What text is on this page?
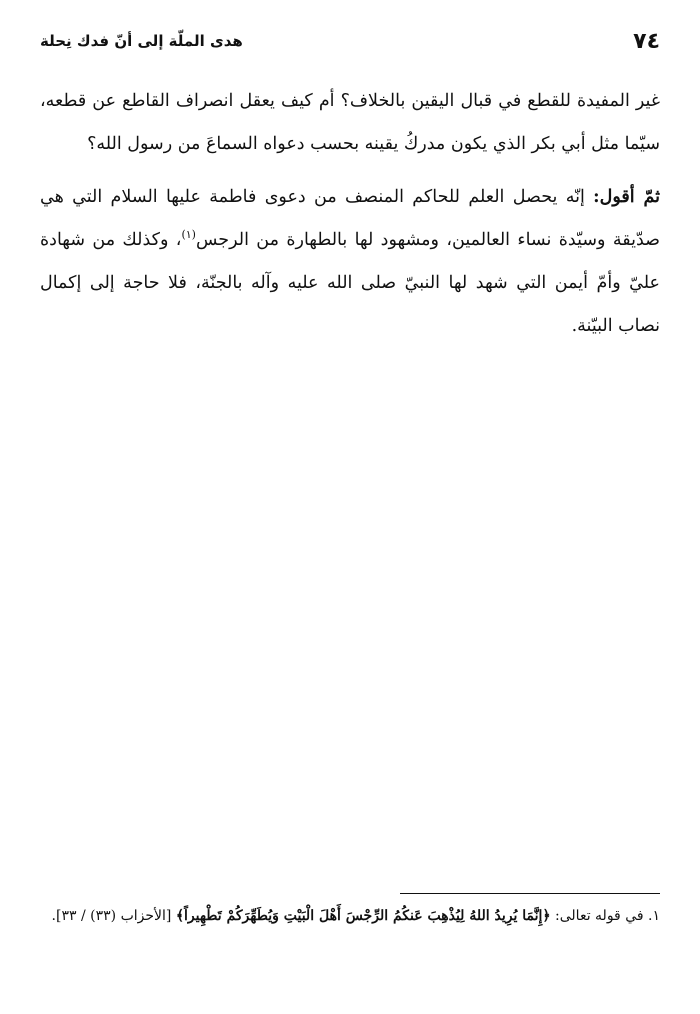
٧٤
هدى الملّة إلى أنّ فدك نِحلة

غير المفيدة للقطع في قبال اليقين بالخلاف؟ أم كيف يعقل انصراف القاطع عن قطعه، سيّما مثل أبي بكر الذي يكون مدركُ يقينه بحسب دعواه السماعَ من رسول الله؟

ثمّ أقول: إنّه يحصل العلم للحاكم المنصف من دعوى فاطمة عليها السلام التي هي صدّيقة وسيّدة نساء العالمين، ومشهود لها بالطهارة من الرجس$^{(١)}$، وكذلك من شهادة عليّ وأمّ أيمن التي شهد لها النبيّ صلى الله عليه وآله بالجنّة، فلا حاجة إلى إكمال نصاب البيّنة.

١. في قوله تعالى: ﴿إِنَّمَا يُرِيدُ اللهُ لِيُذْهِبَ عَنكُمُ الرِّجْسَ أَهْلَ الْبَيْتِ وَيُطَهِّرَكُمْ تَطْهِيراً﴾ [الأحزاب (٣٣) / ٣٣].
